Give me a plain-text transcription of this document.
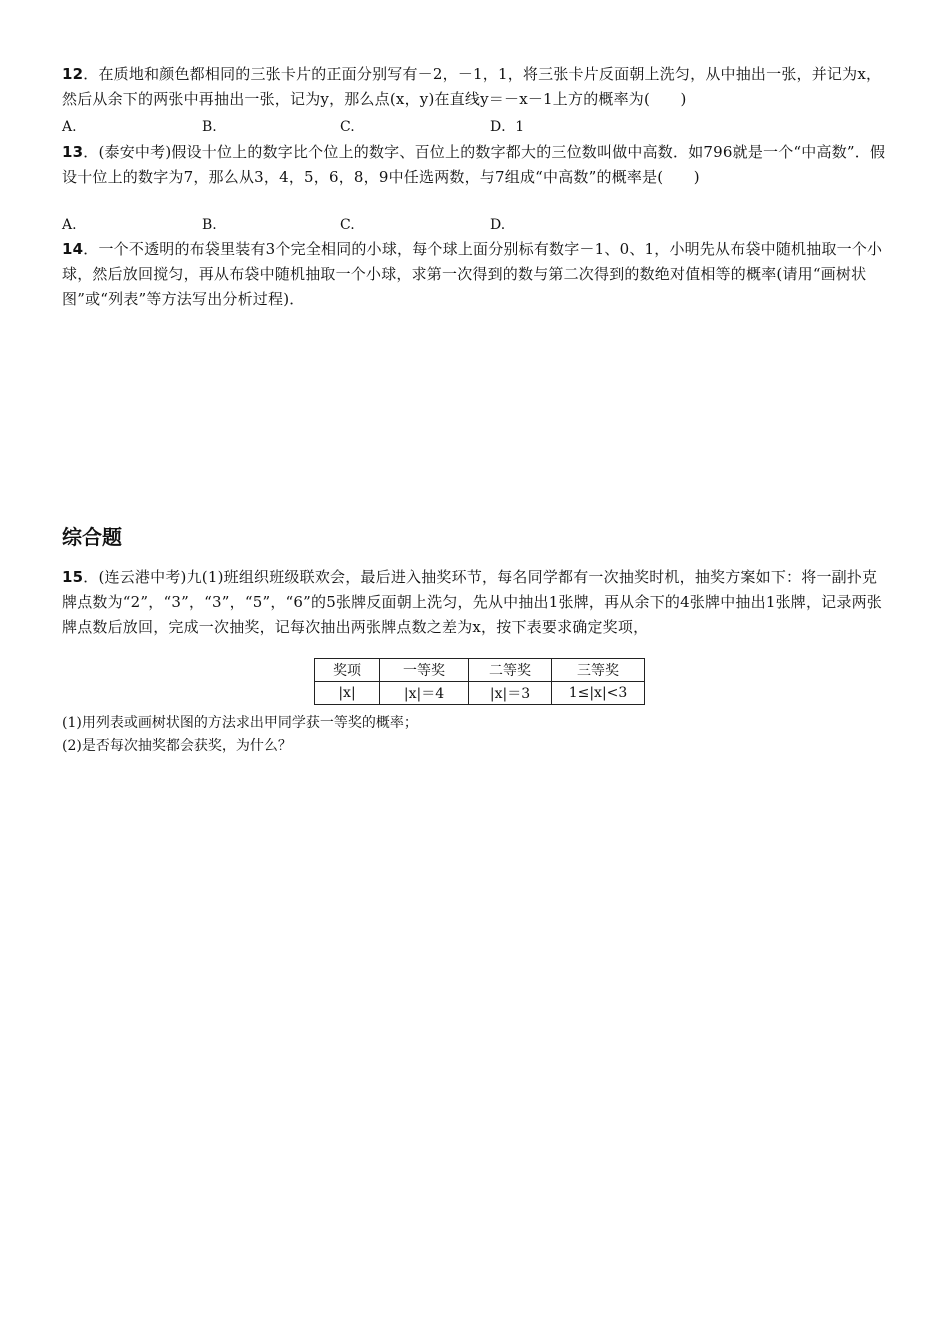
12．在质地和颜色都相同的三张卡片的正面分别写有－2，－1，1，将三张卡片反面朝上洗匀，从中抽出一张，并记为x，然后从余下的两张中再抽出一张，记为y，那么点(x，y)在直线y＝－x－1上方的概率为(　　)
A.	B.	C.	D．1
13．(泰安中考)假设十位上的数字比个位上的数字、百位上的数字都大的三位数叫做中高数．如796就是一个“中高数”．假设十位上的数字为7，那么从3，4，5，6，8，9中任选两数，与7组成“中高数”的概率是(　　)
A.	B.	C.	D.
14．一个不透明的布袋里装有3个完全相同的小球，每个球上面分别标有数字－1、0、1，小明先从布袋中随机抽取一个小球，然后放回搅匀，再从布袋中随机抽取一个小球，求第一次得到的数与第二次得到的数绝对值相等的概率(请用“画树状图”或“列表”等方法写出分析过程)．
综合题
15．(连云港中考)九(1)班组织班级联欢会，最后进入抽奖环节，每名同学都有一次抽奖时机，抽奖方案如下：将一副扑克牌点数为“2”，“3”，“3”，“5”，“6”的5张牌反面朝上洗匀，先从中抽出1张牌，再从余下的4张牌中抽出1张牌，记录两张牌点数后放回，完成一次抽奖，记每次抽出两张牌点数之差为x，按下表要求确定奖项，
奖项	一等奖	二等奖	三等奖
|x|	|x|＝4	|x|＝3	1≤|x|<3
(1)用列表或画树状图的方法求出甲同学获一等奖的概率；
(2)是否每次抽奖都会获奖，为什么？
